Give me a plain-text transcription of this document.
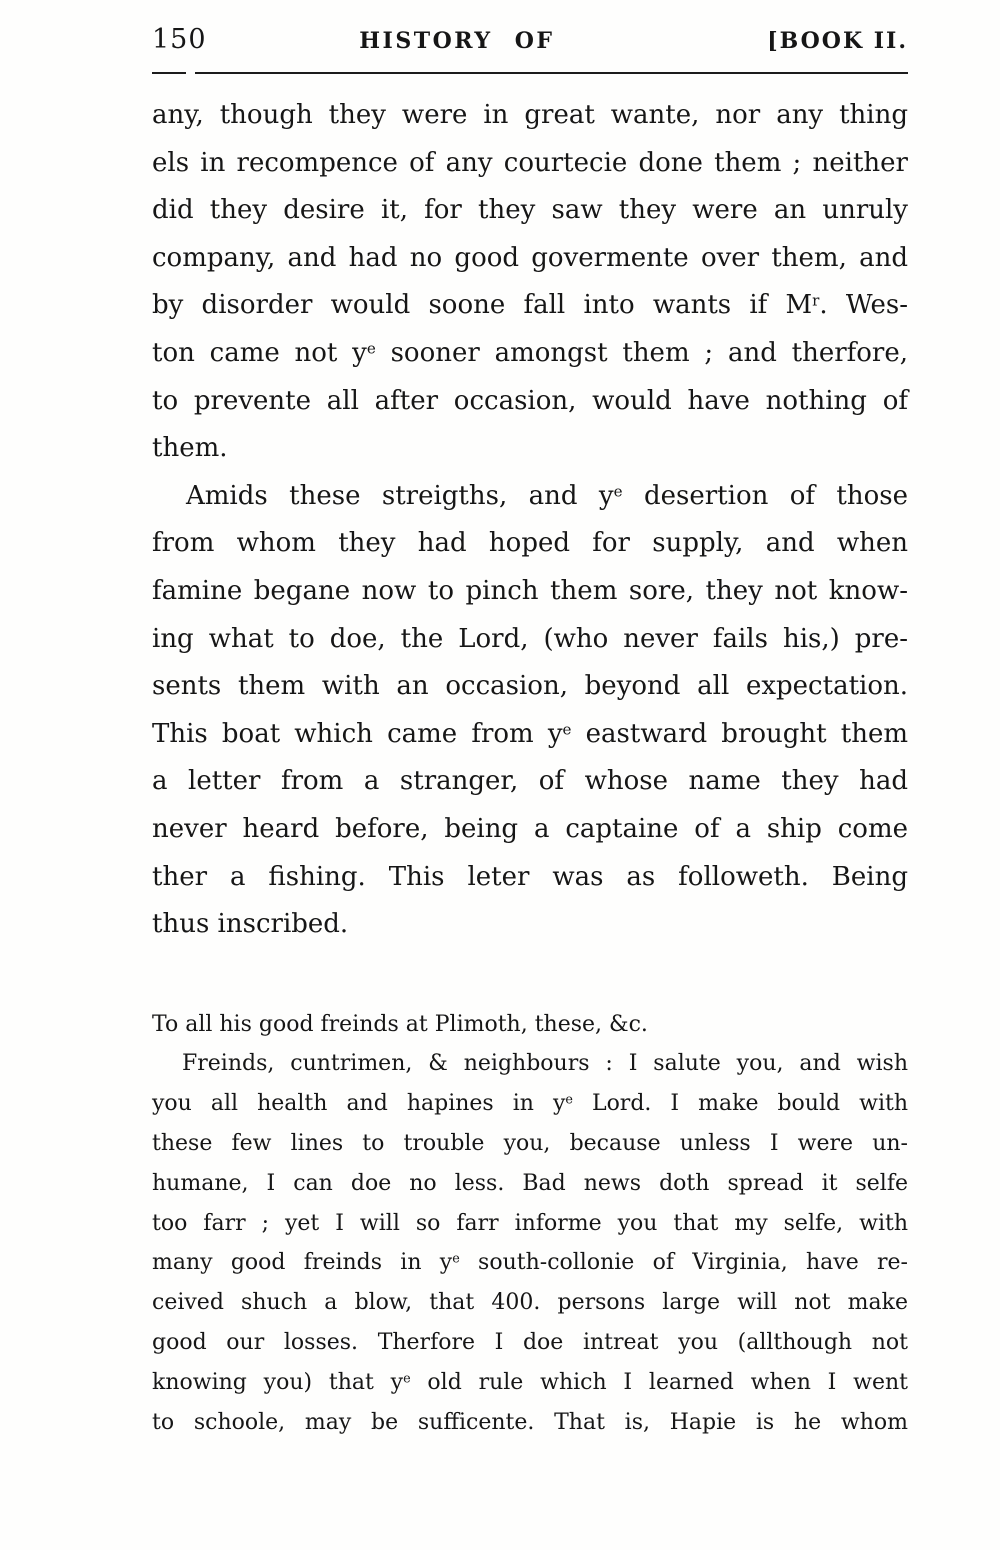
150	HISTORY OF	[BOOK II.
any, though they were in great wante, nor any thing
els in recompence of any courtecie done them ; neither
did they desire it, for they saw they were an unruly
company, and had no good govermente over them, and
by disorder would soone fall into wants if $M^r$. Wes-
ton came not $y^e$ sooner amongst them ; and therfore,
to prevente all after occasion, would have nothing of
them.
Amids these streigths, and $y^e$ desertion of those
from whom they had hoped for supply, and when
famine begane now to pinch them sore, they not know-
ing what to doe, the Lord, (who never fails his,) pre-
sents them with an occasion, beyond all expectation.
This boat which came from $y^e$ eastward brought them
a letter from a stranger, of whose name they had
never heard before, being a captaine of a ship come
ther a fishing. This leter was as followeth. Being
thus inscribed.
To all his good freinds at Plimoth, these, &c.
Freinds, cuntrimen, & neighbours : I salute you, and wish
you all health and hapines in $y^e$ Lord. I make bould with
these few lines to trouble you, because unless I were un-
humane, I can doe no less. Bad news doth spread it selfe
too farr ; yet I will so farr informe you that my selfe, with
many good freinds in $y^e$ south-collonie of Virginia, have re-
ceived shuch a blow, that 400. persons large will not make
good our losses. Therfore I doe intreat you (allthough not
knowing you) that $y^e$ old rule which I learned when I went
to schoole, may be sufficente. That is, Hapie is he whom
